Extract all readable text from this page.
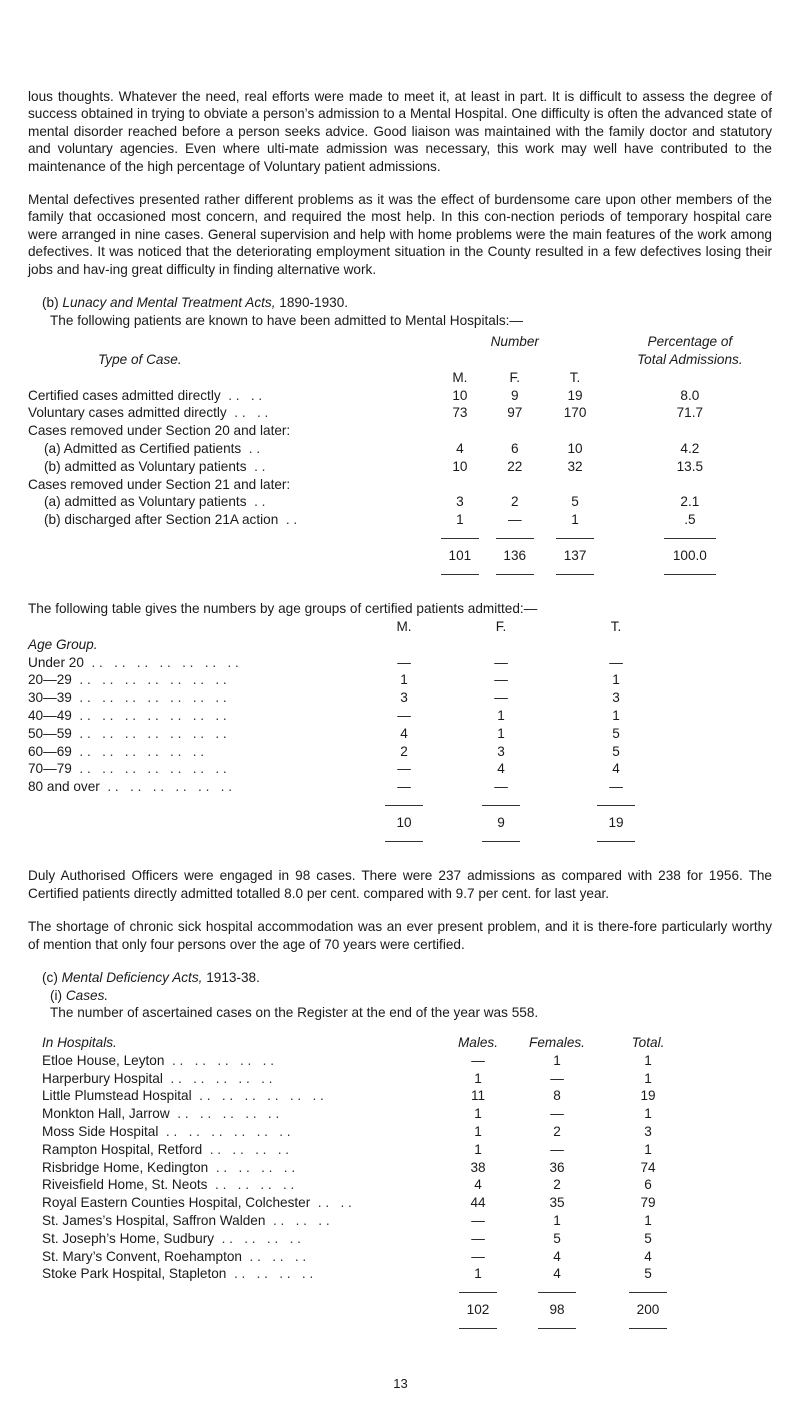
lous thoughts. Whatever the need, real efforts were made to meet it, at least in part. It is difficult to assess the degree of success obtained in trying to obviate a person’s admission to a Mental Hospital. One difficulty is often the advanced state of mental disorder reached before a person seeks advice. Good liaison was maintained with the family doctor and statutory and voluntary agencies. Even where ulti-mate admission was necessary, this work may well have contributed to the maintenance of the high percentage of Voluntary patient admissions.

Mental defectives presented rather different problems as it was the effect of burdensome care upon other members of the family that occasioned most concern, and required the most help. In this con-nection periods of temporary hospital care were arranged in nine cases. General supervision and help with home problems were the main features of the work among defectives. It was noticed that the deteriorating employment situation in the County resulted in a few defectives losing their jobs and hav-ing great difficulty in finding alternative work.

(b) Lunacy and Mental Treatment Acts, 1890-1930.
The following patients are known to have been admitted to Mental Hospitals:—
		Number		Percentage of
Type of Case.				Total Admissions.
	M.	F.	T.	
Certified cases admitted directly . .   . .	10	9	19	8.0
Voluntary cases admitted directly . .   . .	73	97	170	71.7
Cases removed under Section 20 and later:				
(a) Admitted as Certified patients . .	4	6	10	4.2
(b) admitted as Voluntary patients . .	10	22	32	13.5
Cases removed under Section 21 and later:				
(a) admitted as Voluntary patients . .	3	2	5	2.1
(b) discharged after Section 21A action . .	1	—	1	.5

	101	136	137	100.0

The following table gives the numbers by age groups of certified patients admitted:—
	M.	F.	T.
Age Group.			
Under 20 . .   . .   . .   . .   . .   . .   . .	—	—	—
20—29 . .   . .   . .   . .   . .   . .   . .	1	—	1
30—39 . .   . .   . .   . .   . .   . .   . .	3	—	3
40—49 . .   . .   . .   . .   . .   . .   . .	—	1	1
50—59 . .   . .   . .   . .   . .   . .   . .	4	1	5
60—69 . .   . .   . .   . .   . .   . .	2	3	5
70—79 . .   . .   . .   . .   . .   . .   . .	—	4	4
80 and over . .   . .   . .   . .   . .   . .	—	—	—

	10	9	19

Duly Authorised Officers were engaged in 98 cases. There were 237 admissions as compared with 238 for 1956. The Certified patients directly admitted totalled 8.0 per cent. compared with 9.7 per cent. for last year.

The shortage of chronic sick hospital accommodation was an ever present problem, and it is there-fore particularly worthy of mention that only four persons over the age of 70 years were certified.

(c) Mental Deficiency Acts, 1913-38.
(i) Cases.
The number of ascertained cases on the Register at the end of the year was 558.
In Hospitals.	Males.	Females.	Total.
Etloe House, Leyton . .   . .   . .   . .   . .	—	1	1
Harperbury Hospital . .   . .   . .   . .   . .	1	—	1
Little Plumstead Hospital . .   . .   . .   . .   . .   . .	11	8	19
Monkton Hall, Jarrow . .   . .   . .   . .   . .	1	—	1
Moss Side Hospital . .   . .   . .   . .   . .   . .	1	2	3
Rampton Hospital, Retford . .   . .   . .   . .	1	—	1
Risbridge Home, Kedington . .   . .   . .   . .	38	36	74
Riveisfield Home, St. Neots . .   . .   . .   . .	4	2	6
Royal Eastern Counties Hospital, Colchester . .   . .	44	35	79
St. James’s Hospital, Saffron Walden . .   . .   . .	—	1	1
St. Joseph’s Home, Sudbury . .   . .   . .   . .	—	5	5
St. Mary’s Convent, Roehampton . .   . .   . .	—	4	4
Stoke Park Hospital, Stapleton . .   . .   . .   . .	1	4	5

	102	98	200

13
